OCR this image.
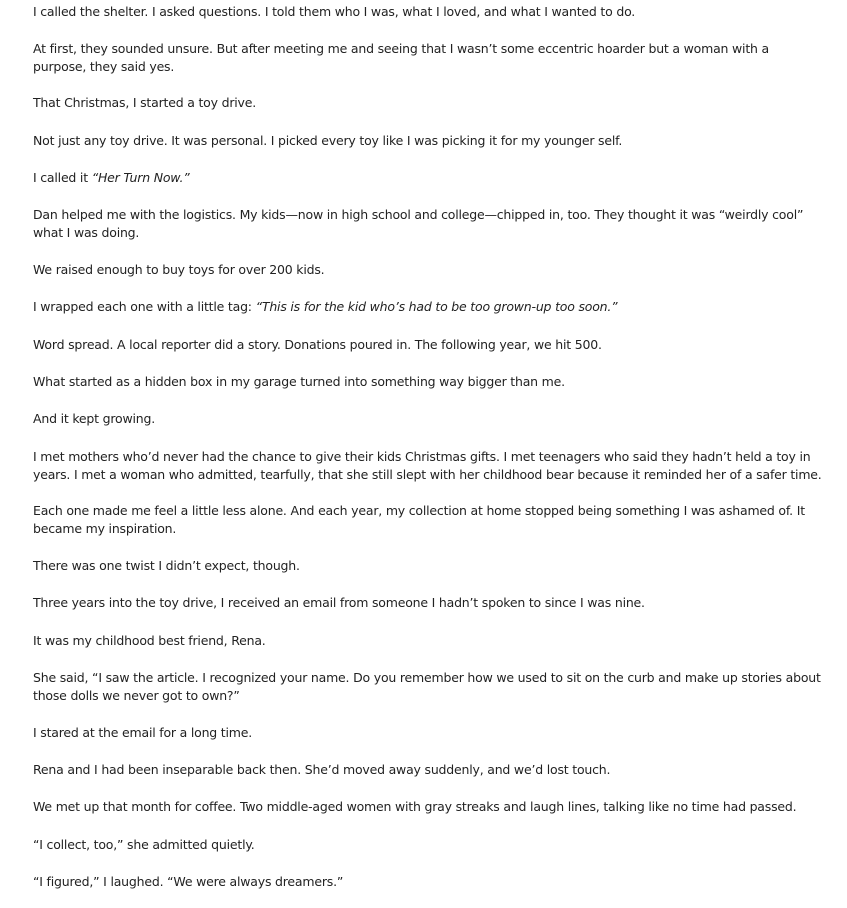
I called the shelter. I asked questions. I told them who I was, what I loved, and what I wanted to do.

At first, they sounded unsure. But after meeting me and seeing that I wasn’t some eccentric hoarder but a woman with a purpose, they said yes.

That Christmas, I started a toy drive.

Not just any toy drive. It was personal. I picked every toy like I was picking it for my younger self.

I called it “Her Turn Now.”

Dan helped me with the logistics. My kids—now in high school and college—chipped in, too. They thought it was “weirdly cool” what I was doing.

We raised enough to buy toys for over 200 kids.

I wrapped each one with a little tag: “This is for the kid who’s had to be too grown-up too soon.”

Word spread. A local reporter did a story. Donations poured in. The following year, we hit 500.

What started as a hidden box in my garage turned into something way bigger than me.

And it kept growing.

I met mothers who’d never had the chance to give their kids Christmas gifts. I met teenagers who said they hadn’t held a toy in years. I met a woman who admitted, tearfully, that she still slept with her childhood bear because it reminded her of a safer time.

Each one made me feel a little less alone. And each year, my collection at home stopped being something I was ashamed of. It became my inspiration.

There was one twist I didn’t expect, though.

Three years into the toy drive, I received an email from someone I hadn’t spoken to since I was nine.

It was my childhood best friend, Rena.

She said, “I saw the article. I recognized your name. Do you remember how we used to sit on the curb and make up stories about those dolls we never got to own?”

I stared at the email for a long time.

Rena and I had been inseparable back then. She’d moved away suddenly, and we’d lost touch.

We met up that month for coffee. Two middle-aged women with gray streaks and laugh lines, talking like no time had passed.

“I collect, too,” she admitted quietly.

“I figured,” I laughed. “We were always dreamers.”
